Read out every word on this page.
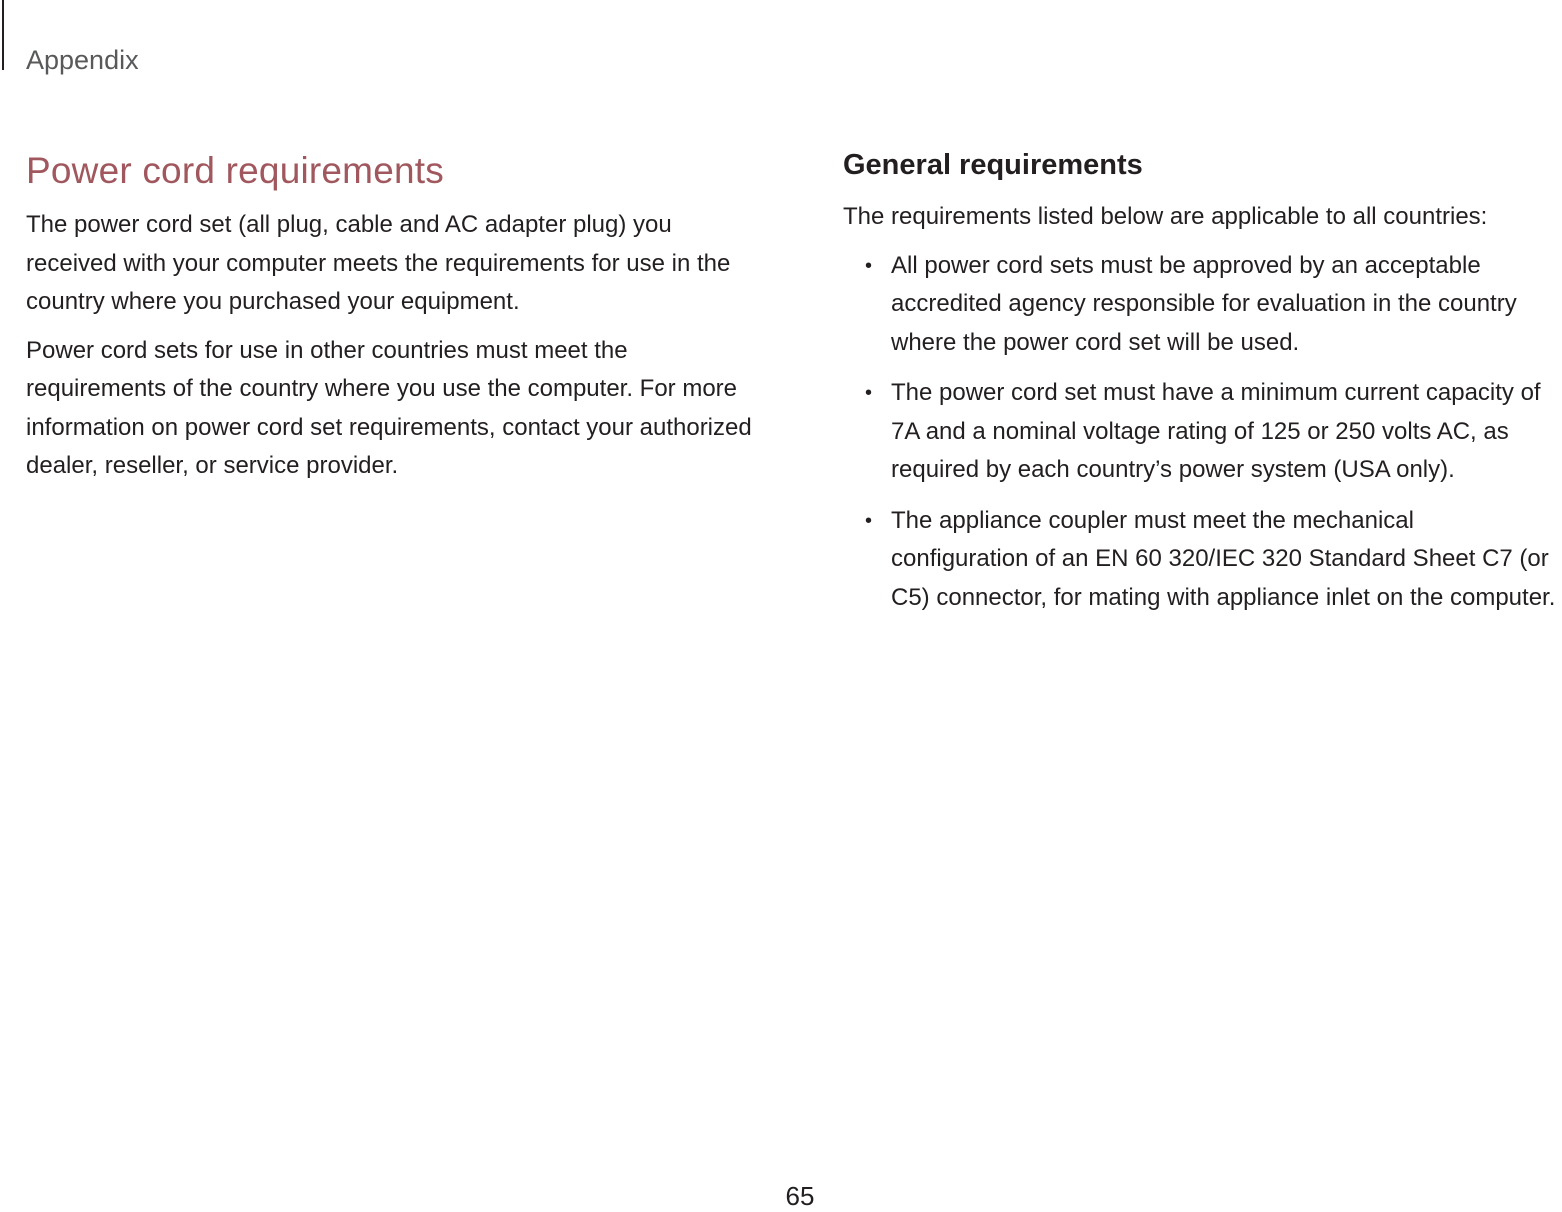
Appendix
Power cord requirements

The power cord set (all plug, cable and AC adapter plug) you received with your computer meets the requirements for use in the country where you purchased your equipment.

Power cord sets for use in other countries must meet the requirements of the country where you use the computer. For more information on power cord set requirements, contact your authorized dealer, reseller, or service provider.

General requirements

The requirements listed below are applicable to all countries:

• All power cord sets must be approved by an acceptable accredited agency responsible for evaluation in the country where the power cord set will be used.
• The power cord set must have a minimum current capacity of 7A and a nominal voltage rating of 125 or 250 volts AC, as required by each country’s power system (USA only).
• The appliance coupler must meet the mechanical configuration of an EN 60 320/IEC 320 Standard Sheet C7 (or C5) connector, for mating with appliance inlet on the computer.
65
